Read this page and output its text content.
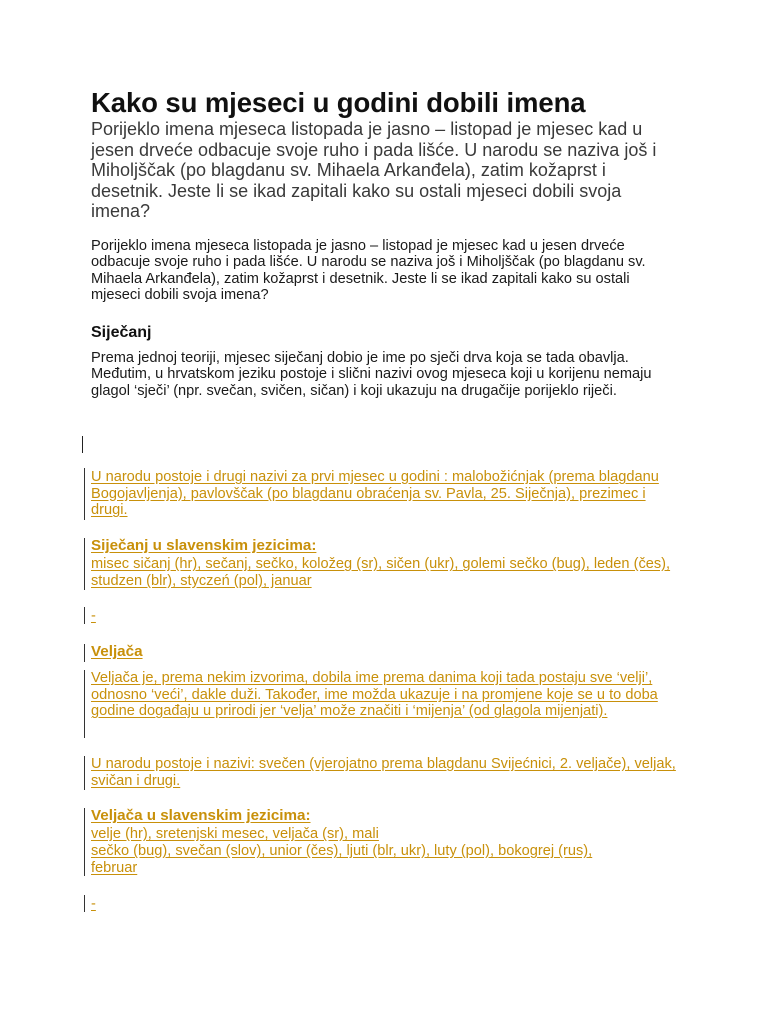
Kako su mjeseci u godini dobili imena

Porijeklo imena mjeseca listopada je jasno – listopad je mjesec kad u jesen drveće odbacuje svoje ruho i pada lišće. U narodu se naziva još i Miholjščak (po blagdanu sv. Mihaela Arkanđela), zatim kožaprst i desetnik. Jeste li se ikad zapitali kako su ostali mjeseci dobili svoja imena?

Porijeklo imena mjeseca listopada je jasno – listopad je mjesec kad u jesen drveće odbacuje svoje ruho i pada lišće. U narodu se naziva još i Miholjščak (po blagdanu sv. Mihaela Arkanđela), zatim kožaprst i desetnik. Jeste li se ikad zapitali kako su ostali mjeseci dobili svoja imena?

Siječanj

Prema jednoj teoriji, mjesec siječanj dobio je ime po sječi drva koja se tada obavlja. Međutim, u hrvatskom jeziku postoje i slični nazivi ovog mjeseca koji u korijenu nemaju glagol ‘sječi’ (npr. svečan, svičen, sičan) i koji ukazuju na drugačije porijeklo riječi.

U narodu postoje i drugi nazivi za prvi mjesec u godini : malobožićnjak (prema blagdanu Bogojavljenja), pavlovščak (po blagdanu obraćenja sv. Pavla, 25. Siječnja), prezimec i drugi.
Siječanj u slavenskim jezicima:
misec sičanj (hr), sečanj, sečko, koložeg (sr), sičen (ukr), golemi sečko (bug), leden (čes), studzen (blr), styczeń (pol), januar
-
Veljača
Veljača je, prema nekim izvorima, dobila ime prema danima koji tada postaju sve ‘velji’, odnosno ‘veći’, dakle duži. Također, ime možda ukazuje i na promjene koje se u to doba godine događaju u prirodi jer ‘velja’ može značiti i ‘mijenja’ (od glagola mijenjati).
U narodu postoje i nazivi: svečen (vjerojatno prema blagdanu Svijećnici, 2. veljače), veljak, svičan i drugi.
Veljača u slavenskim jezicima:
velje (hr), sretenjski mesec, veljača (sr), mali
sečko (bug), svečan (slov), unior (čes), ljuti (blr, ukr), luty (pol), bokogrej (rus),
februar
-
